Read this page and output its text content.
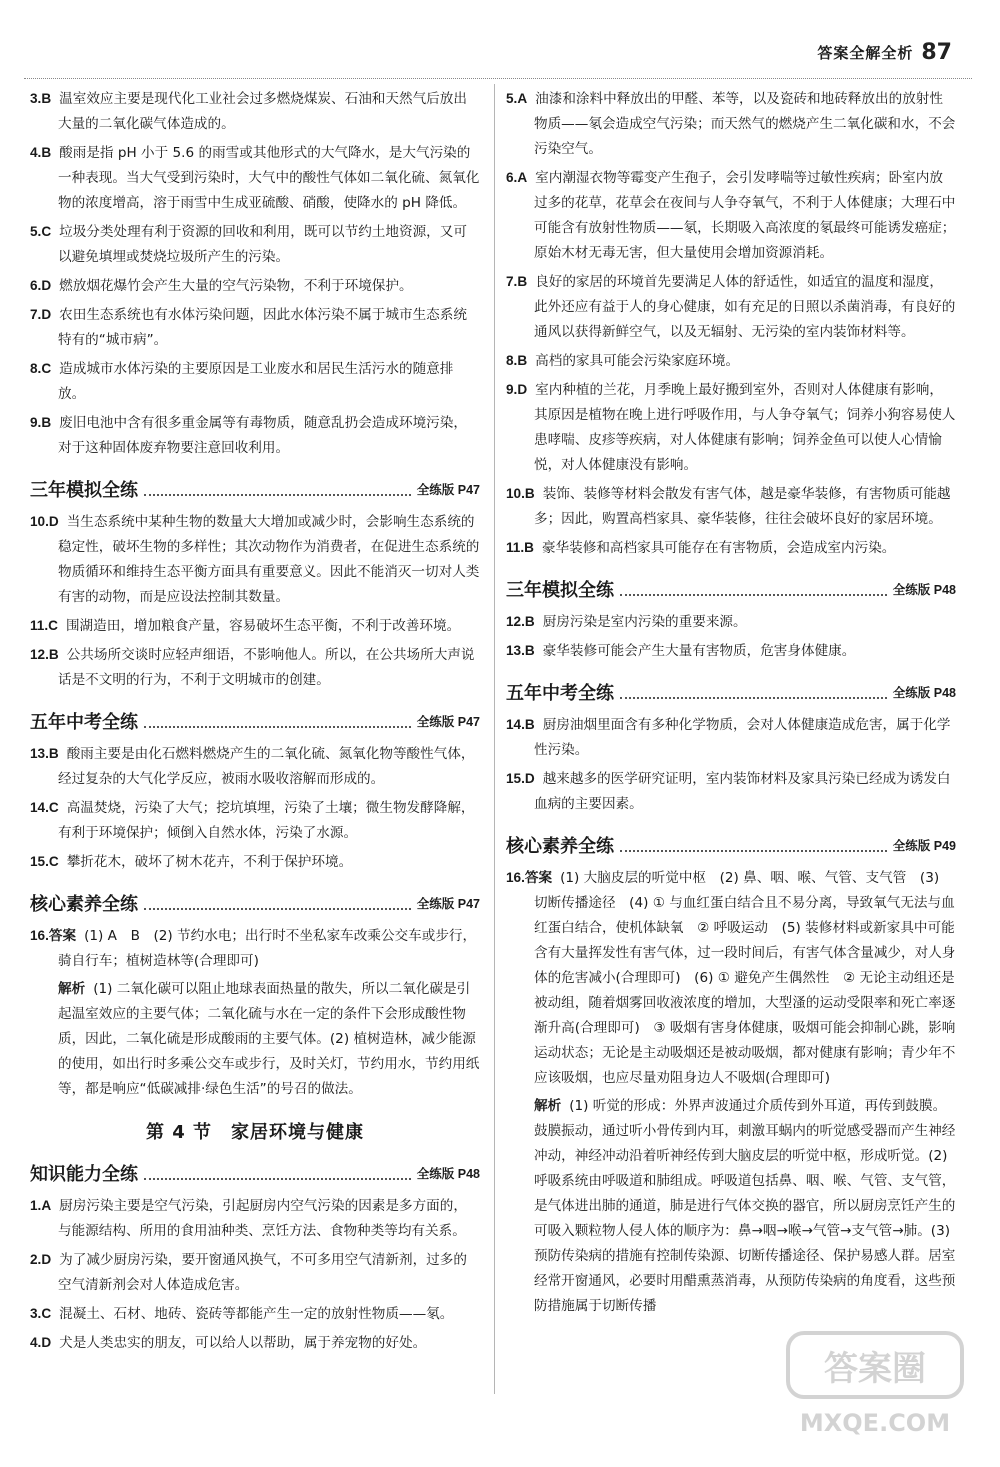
答案全解全析 87
3.B 温室效应主要是现代化工业社会过多燃烧煤炭、石油和天然气后放出大量的二氧化碳气体造成的。
4.B 酸雨是指 pH 小于 5.6 的雨雪或其他形式的大气降水，是大气污染的一种表现。当大气受到污染时，大气中的酸性气体如二氧化硫、氮氧化物的浓度增高，溶于雨雪中生成亚硫酸、硝酸，使降水的 pH 降低。
5.C 垃圾分类处理有利于资源的回收和利用，既可以节约土地资源，又可以避免填埋或焚烧垃圾所产生的污染。
6.D 燃放烟花爆竹会产生大量的空气污染物，不利于环境保护。
7.D 农田生态系统也有水体污染问题，因此水体污染不属于城市生态系统特有的“城市病”。
8.C 造成城市水体污染的主要原因是工业废水和居民生活污水的随意排放。
9.B 废旧电池中含有很多重金属等有毒物质，随意乱扔会造成环境污染，对于这种固体废弃物要注意回收利用。
三年模拟全练	全练版 P47
10.D 当生态系统中某种生物的数量大大增加或减少时，会影响生态系统的稳定性，破坏生物的多样性；其次动物作为消费者，在促进生态系统的物质循环和维持生态平衡方面具有重要意义。因此不能消灭一切对人类有害的动物，而是应设法控制其数量。
11.C 围湖造田，增加粮食产量，容易破坏生态平衡，不利于改善环境。
12.B 公共场所交谈时应轻声细语，不影响他人。所以，在公共场所大声说话是不文明的行为，不利于文明城市的创建。
五年中考全练	全练版 P47
13.B 酸雨主要是由化石燃料燃烧产生的二氧化硫、氮氧化物等酸性气体，经过复杂的大气化学反应，被雨水吸收溶解而形成的。
14.C 高温焚烧，污染了大气；挖坑填埋，污染了土壤；微生物发酵降解，有利于环境保护；倾倒入自然水体，污染了水源。
15.C 攀折花木，破坏了树木花卉，不利于保护环境。
核心素养全练	全练版 P47
16.答案 (1) A　B　(2) 节约水电；出行时不坐私家车改乘公交车或步行，骑自行车；植树造林等(合理即可)
解析 (1) 二氧化碳可以阻止地球表面热量的散失，所以二氧化碳是引起温室效应的主要气体；二氧化硫与水在一定的条件下会形成酸性物质，因此，二氧化硫是形成酸雨的主要气体。(2) 植树造林，减少能源的使用，如出行时多乘公交车或步行，及时关灯，节约用水，节约用纸等，都是响应“低碳减排·绿色生活”的号召的做法。
第 4 节　家居环境与健康
知识能力全练	全练版 P48
1.A 厨房污染主要是空气污染，引起厨房内空气污染的因素是多方面的，与能源结构、所用的食用油种类、烹饪方法、食物种类等均有关系。
2.D 为了减少厨房污染，要开窗通风换气，不可多用空气清新剂，过多的空气清新剂会对人体造成危害。
3.C 混凝土、石材、地砖、瓷砖等都能产生一定的放射性物质——氡。
4.D 犬是人类忠实的朋友，可以给人以帮助，属于养宠物的好处。
5.A 油漆和涂料中释放出的甲醛、苯等，以及瓷砖和地砖释放出的放射性物质——氡会造成空气污染；而天然气的燃烧产生二氧化碳和水，不会污染空气。
6.A 室内潮湿衣物等霉变产生孢子，会引发哮喘等过敏性疾病；卧室内放过多的花草，花草会在夜间与人争夺氧气，不利于人体健康；大理石中可能含有放射性物质——氡，长期吸入高浓度的氡最终可能诱发癌症；原始木材无毒无害，但大量使用会增加资源消耗。
7.B 良好的家居的环境首先要满足人体的舒适性，如适宜的温度和湿度，此外还应有益于人的身心健康，如有充足的日照以杀菌消毒，有良好的通风以获得新鲜空气，以及无辐射、无污染的室内装饰材料等。
8.B 高档的家具可能会污染家庭环境。
9.D 室内种植的兰花，月季晚上最好搬到室外，否则对人体健康有影响，其原因是植物在晚上进行呼吸作用，与人争夺氧气；饲养小狗容易使人患哮喘、皮疹等疾病，对人体健康有影响；饲养金鱼可以使人心情愉悦，对人体健康没有影响。
10.B 装饰、装修等材料会散发有害气体，越是豪华装修，有害物质可能越多；因此，购置高档家具、豪华装修，往往会破坏良好的家居环境。
11.B 豪华装修和高档家具可能存在有害物质，会造成室内污染。
三年模拟全练	全练版 P48
12.B 厨房污染是室内污染的重要来源。
13.B 豪华装修可能会产生大量有害物质，危害身体健康。
五年中考全练	全练版 P48
14.B 厨房油烟里面含有多种化学物质，会对人体健康造成危害，属于化学性污染。
15.D 越来越多的医学研究证明，室内装饰材料及家具污染已经成为诱发白血病的主要因素。
核心素养全练	全练版 P49
16.答案 (1) 大脑皮层的听觉中枢　(2) 鼻、咽、喉、气管、支气管　(3) 切断传播途径　(4) ① 与血红蛋白结合且不易分离，导致氧气无法与血红蛋白结合，使机体缺氧　② 呼吸运动　(5) 装修材料或新家具中可能含有大量挥发性有害气体，过一段时间后，有害气体含量减少，对人身体的危害减小(合理即可)　(6) ① 避免产生偶然性　② 无论主动组还是被动组，随着烟雾回收液浓度的增加，大型溞的运动受限率和死亡率逐渐升高(合理即可)　③ 吸烟有害身体健康，吸烟可能会抑制心跳，影响运动状态；无论是主动吸烟还是被动吸烟，都对健康有影响；青少年不应该吸烟，也应尽量劝阻身边人不吸烟(合理即可)
解析 (1) 听觉的形成：外界声波通过介质传到外耳道，再传到鼓膜。鼓膜振动，通过听小骨传到内耳，刺激耳蜗内的听觉感受器而产生神经冲动，神经冲动沿着听神经传到大脑皮层的听觉中枢，形成听觉。(2) 呼吸系统由呼吸道和肺组成。呼吸道包括鼻、咽、喉、气管、支气管，是气体进出肺的通道，肺是进行气体交换的器官，所以厨房烹饪产生的可吸入颗粒物人侵人体的顺序为：鼻→咽→喉→气管→支气管→肺。(3) 预防传染病的措施有控制传染源、切断传播途径、保护易感人群。居室经常开窗通风，必要时用醋熏蒸消毒，从预防传染病的角度看，这些预防措施属于切断传播
答案圈
MXQE.COM
